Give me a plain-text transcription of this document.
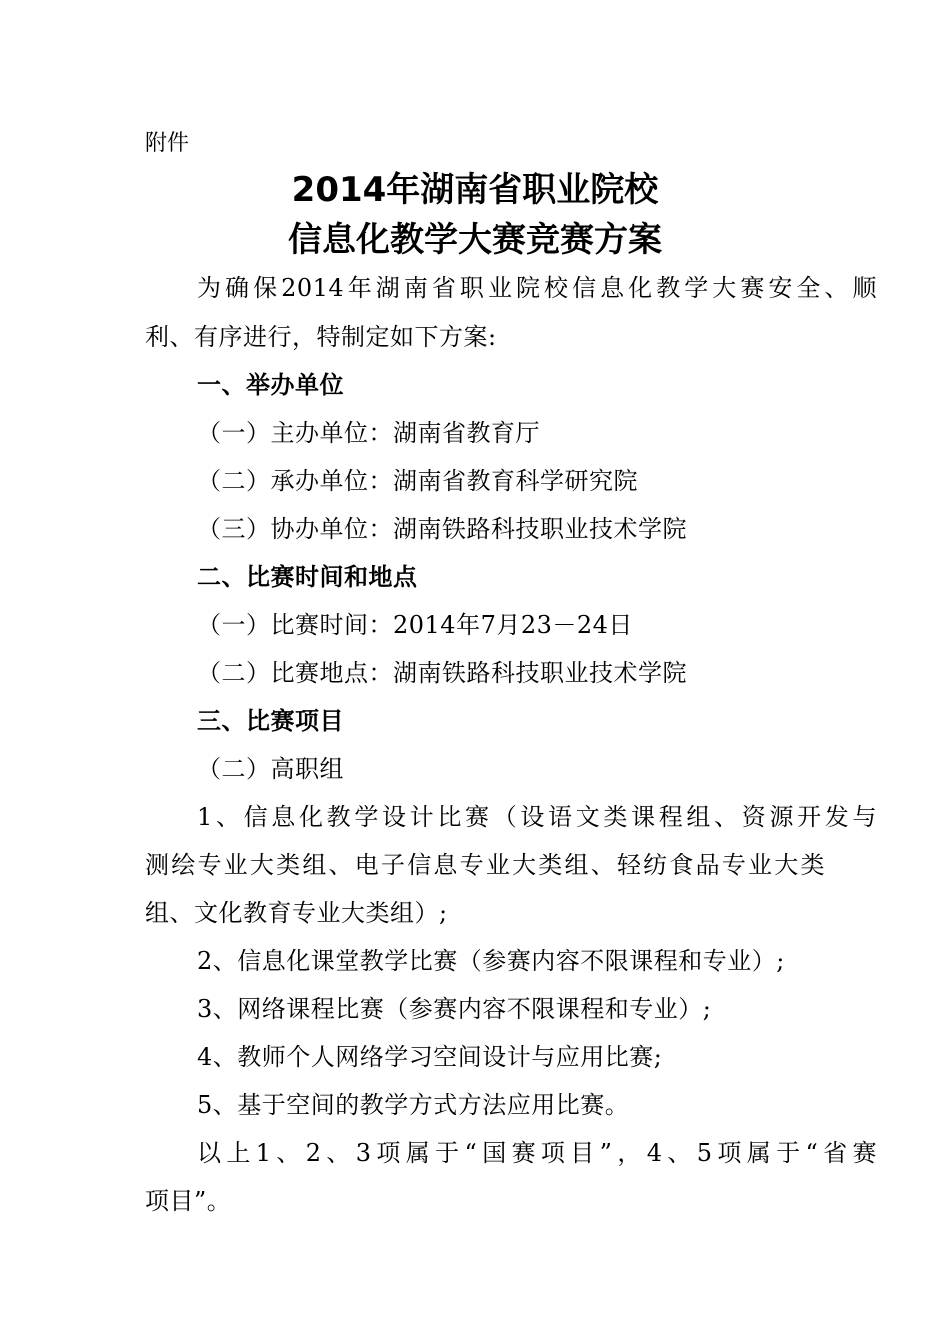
附件
2014年湖南省职业院校
信息化教学大赛竞赛方案
为确保2014年湖南省职业院校信息化教学大赛安全、顺
利、有序进行，特制定如下方案:
一、举办单位
（一）主办单位：湖南省教育厅
（二）承办单位：湖南省教育科学研究院
（三）协办单位：湖南铁路科技职业技术学院
二、比赛时间和地点
（一）比赛时间：2014年7月23－24日
（二）比赛地点：湖南铁路科技职业技术学院
三、比赛项目
（二）高职组
1、信息化教学设计比赛（设语文类课程组、资源开发与
测绘专业大类组、电子信息专业大类组、轻纺食品专业大类
组、文化教育专业大类组）;
2、信息化课堂教学比赛（参赛内容不限课程和专业）;
3、网络课程比赛（参赛内容不限课程和专业）;
4、教师个人网络学习空间设计与应用比赛;
5、基于空间的教学方式方法应用比赛。
以上1、2、3项属于“国赛项目”，4、5项属于“省赛
项目”。
